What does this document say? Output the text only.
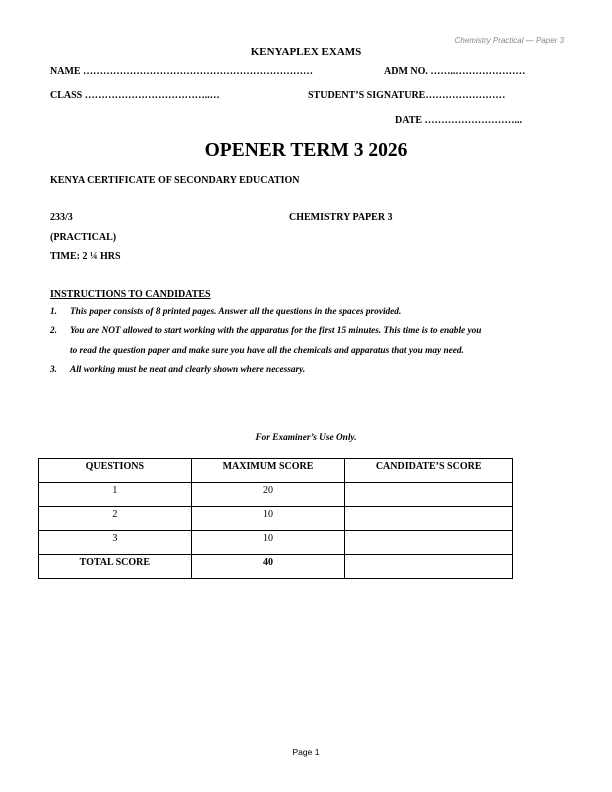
Chemistry Practical — Paper 3
KENYAPLEX EXAMS
NAME ……………………………………………………………	ADM NO. ……..…………………
CLASS ………………………………..…	STUDENT’S SIGNATURE……………………
DATE ………………………...
OPENER TERM 3 2026
KENYA CERTIFICATE OF SECONDARY EDUCATION
233/3	CHEMISTRY PAPER 3
(PRACTICAL)
TIME: 2 ¼ HRS
INSTRUCTIONS TO CANDIDATES
1. This paper consists of 8 printed pages. Answer all the questions in the spaces provided.
2. You are NOT allowed to start working with the apparatus for the first 15 minutes. This time is to enable you
to read the question paper and make sure you have all the chemicals and apparatus that you may need.
3. All working must be neat and clearly shown where necessary.
For Examiner’s Use Only.
QUESTIONS	MAXIMUM SCORE	CANDIDATE’S SCORE
1	20	
2	10	
3	10	
TOTAL SCORE	40	
Page 1
